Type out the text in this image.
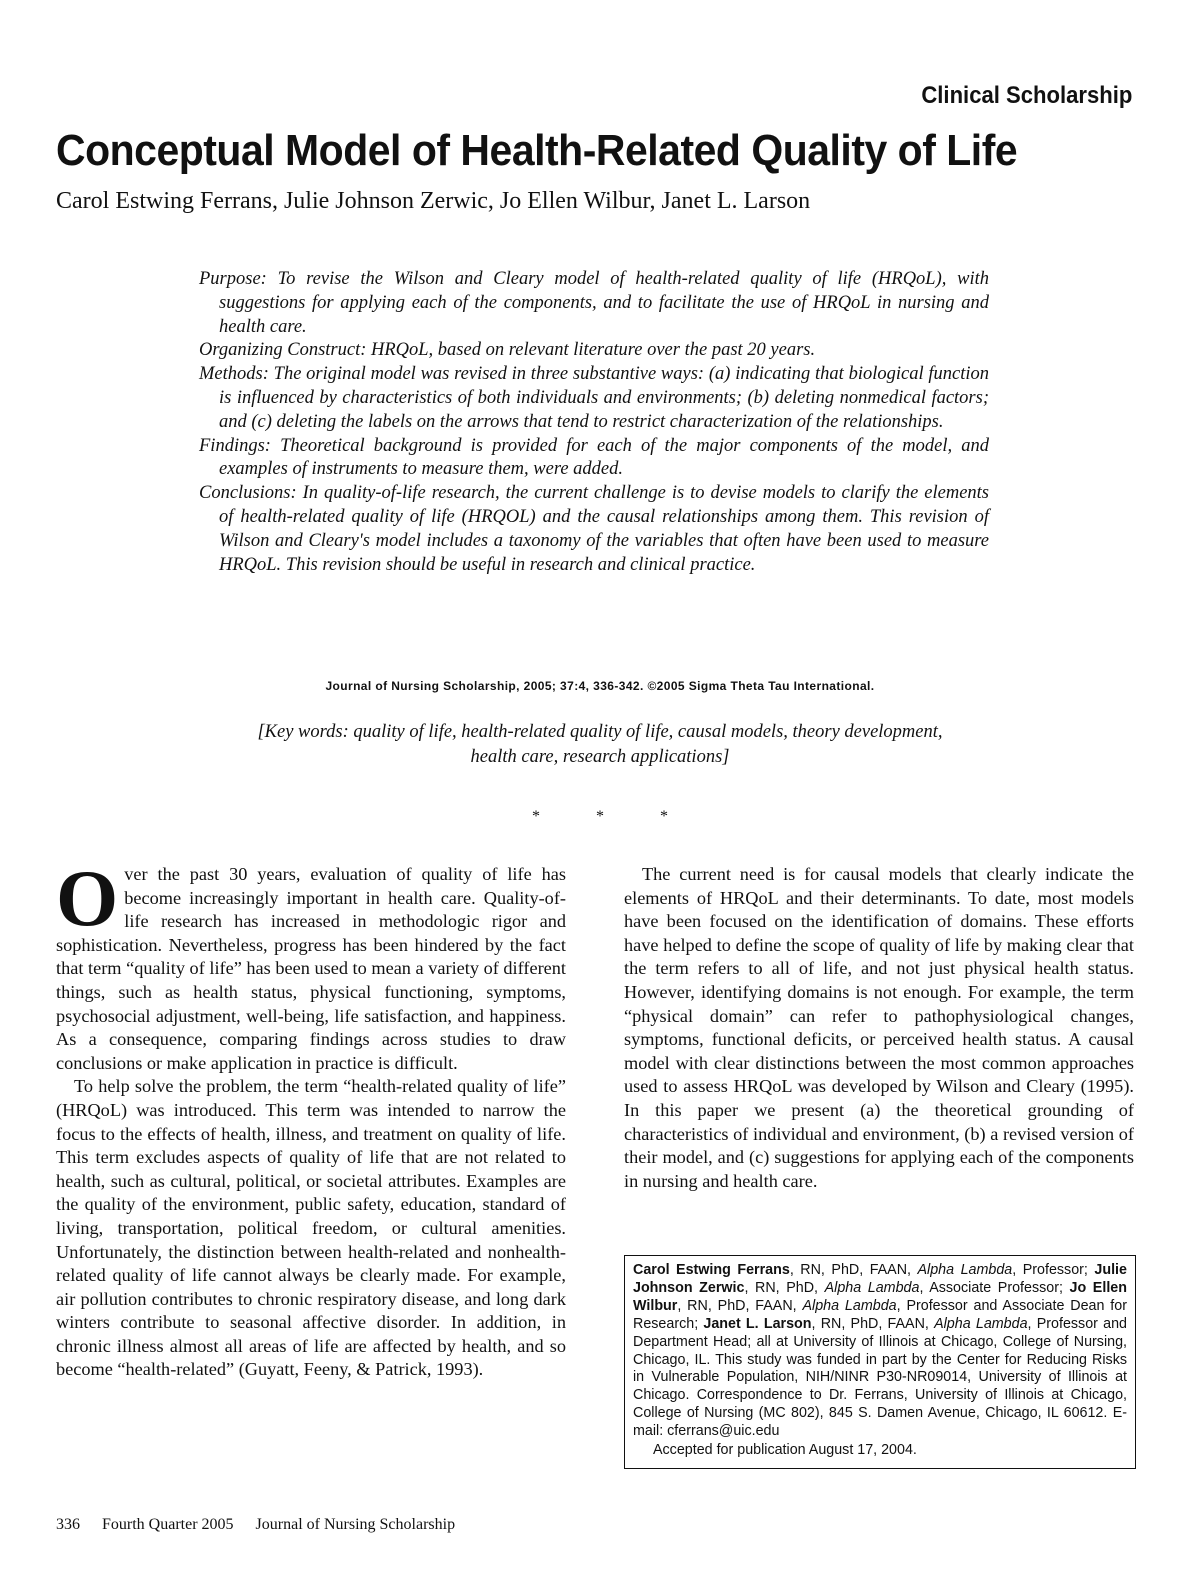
Clinical Scholarship
Conceptual Model of Health-Related Quality of Life
Carol Estwing Ferrans, Julie Johnson Zerwic, Jo Ellen Wilbur, Janet L. Larson

Purpose: To revise the Wilson and Cleary model of health-related quality of life (HRQoL), with suggestions for applying each of the components, and to facilitate the use of HRQoL in nursing and health care.

Organizing Construct: HRQoL, based on relevant literature over the past 20 years.

Methods: The original model was revised in three substantive ways: (a) indicating that biological function is influenced by characteristics of both individuals and environments; (b) deleting nonmedical factors; and (c) deleting the labels on the arrows that tend to restrict characterization of the relationships.

Findings: Theoretical background is provided for each of the major components of the model, and examples of instruments to measure them, were added.

Conclusions: In quality-of-life research, the current challenge is to devise models to clarify the elements of health-related quality of life (HRQOL) and the causal relationships among them. This revision of Wilson and Cleary's model includes a taxonomy of the variables that often have been used to measure HRQoL. This revision should be useful in research and clinical practice.

Journal of Nursing Scholarship, 2005; 37:4, 336-342. ©2005 Sigma Theta Tau International.
[Key words: quality of life, health-related quality of life, causal models, theory development, health care, research applications]
* * *

Over the past 30 years, evaluation of quality of life has become increasingly important in health care. Quality-of-life research has increased in methodologic rigor and sophistication. Nevertheless, progress has been hindered by the fact that term “quality of life” has been used to mean a variety of different things, such as health status, physical functioning, symptoms, psychosocial adjustment, well-being, life satisfaction, and happiness. As a consequence, comparing findings across studies to draw conclusions or make application in practice is difficult.

To help solve the problem, the term “health-related quality of life” (HRQoL) was introduced. This term was intended to narrow the focus to the effects of health, illness, and treatment on quality of life. This term excludes aspects of quality of life that are not related to health, such as cultural, political, or societal attributes. Examples are the quality of the environment, public safety, education, standard of living, transportation, political freedom, or cultural amenities. Unfortunately, the distinction between health-related and nonhealth-related quality of life cannot always be clearly made. For example, air pollution contributes to chronic respiratory disease, and long dark winters contribute to seasonal affective disorder. In addition, in chronic illness almost all areas of life are affected by health, and so become “health-related” (Guyatt, Feeny, & Patrick, 1993).

The current need is for causal models that clearly indicate the elements of HRQoL and their determinants. To date, most models have been focused on the identification of domains. These efforts have helped to define the scope of quality of life by making clear that the term refers to all of life, and not just physical health status. However, identifying domains is not enough. For example, the term “physical domain” can refer to pathophysiological changes, symptoms, functional deficits, or perceived health status. A causal model with clear distinctions between the most common approaches used to assess HRQoL was developed by Wilson and Cleary (1995). In this paper we present (a) the theoretical grounding of characteristics of individual and environment, (b) a revised version of their model, and (c) suggestions for applying each of the components in nursing and health care.

Carol Estwing Ferrans, RN, PhD, FAAN, Alpha Lambda, Professor; Julie Johnson Zerwic, RN, PhD, Alpha Lambda, Associate Professor; Jo Ellen Wilbur, RN, PhD, FAAN, Alpha Lambda, Professor and Associate Dean for Research; Janet L. Larson, RN, PhD, FAAN, Alpha Lambda, Professor and Department Head; all at University of Illinois at Chicago, College of Nursing, Chicago, IL. This study was funded in part by the Center for Reducing Risks in Vulnerable Population, NIH/NINR P30-NR09014, University of Illinois at Chicago. Correspondence to Dr. Ferrans, University of Illinois at Chicago, College of Nursing (MC 802), 845 S. Damen Avenue, Chicago, IL 60612. E-mail: cferrans@uic.edu

Accepted for publication August 17, 2004.

336 Fourth Quarter 2005 Journal of Nursing Scholarship
